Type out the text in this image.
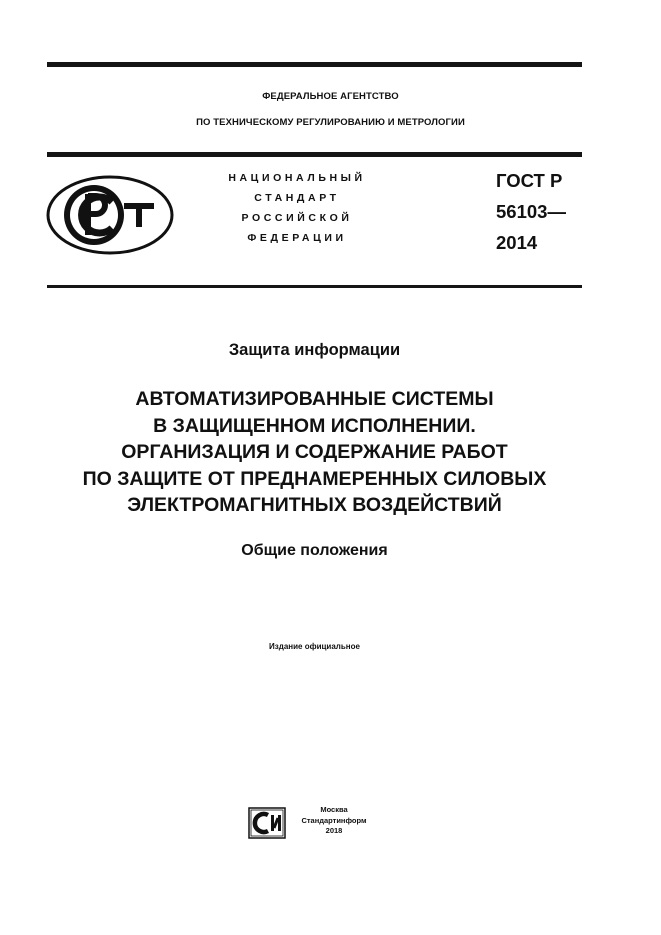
ФЕДЕРАЛЬНОЕ АГЕНТСТВО
ПО ТЕХНИЧЕСКОМУ РЕГУЛИРОВАНИЮ И МЕТРОЛОГИИ
НАЦИОНАЛЬНЫЙ
СТАНДАРТ
РОССИЙСКОЙ
ФЕДЕРАЦИИ
ГОСТ Р
56103—
2014
Защита информации
АВТОМАТИЗИРОВАННЫЕ СИСТЕМЫ
В ЗАЩИЩЕННОМ ИСПОЛНЕНИИ.
ОРГАНИЗАЦИЯ И СОДЕРЖАНИЕ РАБОТ
ПО ЗАЩИТЕ ОТ ПРЕДНАМЕРЕННЫХ СИЛОВЫХ
ЭЛЕКТРОМАГНИТНЫХ ВОЗДЕЙСТВИЙ
Общие положения
Издание официальное
Москва
Стандартинформ
2018
